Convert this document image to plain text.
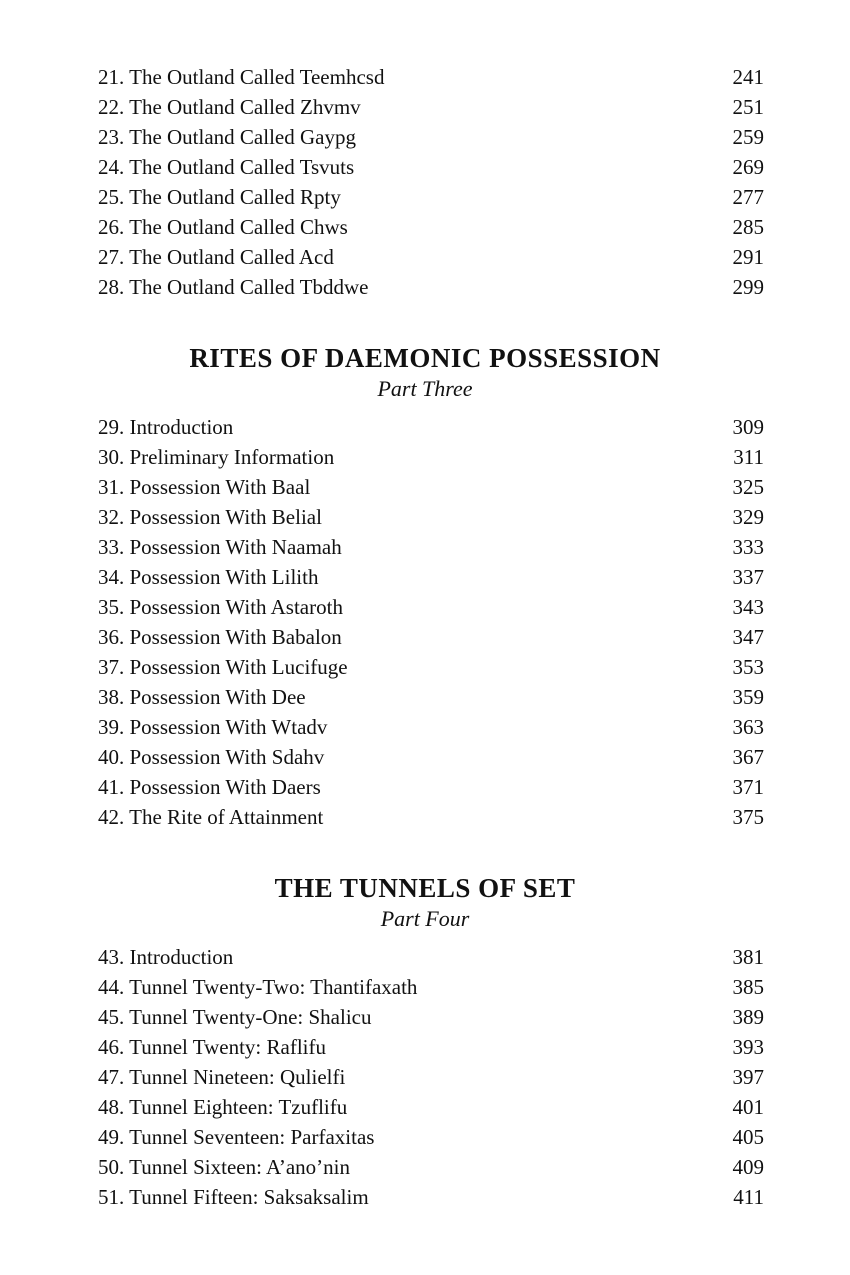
21. The Outland Called Teemhcsd	241
22. The Outland Called Zhvmv	251
23. The Outland Called Gaypg	259
24. The Outland Called Tsvuts	269
25. The Outland Called Rpty	277
26. The Outland Called Chws	285
27. The Outland Called Acd	291
28. The Outland Called Tbddwe	299
RITES OF DAEMONIC POSSESSION
Part Three
29. Introduction	309
30. Preliminary Information	311
31. Possession With Baal	325
32. Possession With Belial	329
33. Possession With Naamah	333
34. Possession With Lilith	337
35. Possession With Astaroth	343
36. Possession With Babalon	347
37. Possession With Lucifuge	353
38. Possession With Dee	359
39. Possession With Wtadv	363
40. Possession With Sdahv	367
41. Possession With Daers	371
42. The Rite of Attainment	375
THE TUNNELS OF SET
Part Four
43. Introduction	381
44. Tunnel Twenty-Two: Thantifaxath	385
45. Tunnel Twenty-One: Shalicu	389
46. Tunnel Twenty: Raflifu	393
47. Tunnel Nineteen: Qulielfi	397
48. Tunnel Eighteen: Tzuflifu	401
49. Tunnel Seventeen: Parfaxitas	405
50. Tunnel Sixteen: A’ano’nin	409
51. Tunnel Fifteen: Saksaksalim	411
